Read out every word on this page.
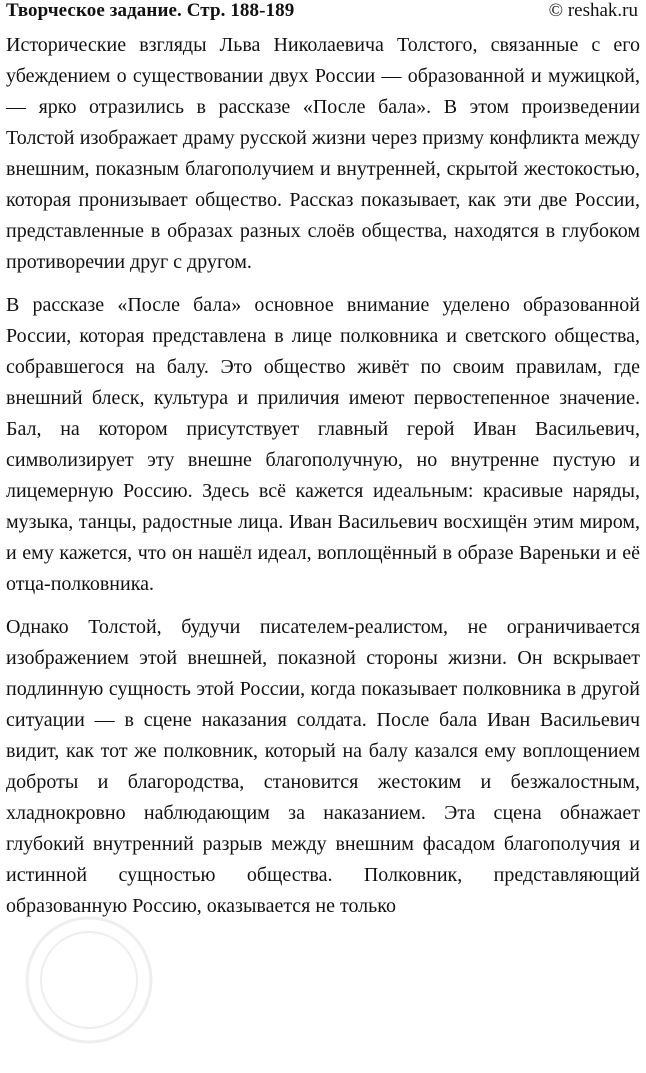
Творческое задание. Стр. 188-189	© reshak.ru

Исторические взгляды Льва Николаевича Толстого, связанные с его убеждением о существовании двух России — образованной и мужицкой, — ярко отразились в рассказе «После бала». В этом произведении Толстой изображает драму русской жизни через призму конфликта между внешним, показным благополучием и внутренней, скрытой жестокостью, которая пронизывает общество. Рассказ показывает, как эти две России, представленные в образах разных слоёв общества, находятся в глубоком противоречии друг с другом.

В рассказе «После бала» основное внимание уделено образованной России, которая представлена в лице полковника и светского общества, собравшегося на балу. Это общество живёт по своим правилам, где внешний блеск, культура и приличия имеют первостепенное значение. Бал, на котором присутствует главный герой Иван Васильевич, символизирует эту внешне благополучную, но внутренне пустую и лицемерную Россию. Здесь всё кажется идеальным: красивые наряды, музыка, танцы, радостные лица. Иван Васильевич восхищён этим миром, и ему кажется, что он нашёл идеал, воплощённый в образе Вареньки и её отца-полковника.

Однако Толстой, будучи писателем-реалистом, не ограничивается изображением этой внешней, показной стороны жизни. Он вскрывает подлинную сущность этой России, когда показывает полковника в другой ситуации — в сцене наказания солдата. После бала Иван Васильевич видит, как тот же полковник, который на балу казался ему воплощением доброты и благородства, становится жестоким и безжалостным, хладнокровно наблюдающим за наказанием. Эта сцена обнажает глубокий внутренний разрыв между внешним фасадом благополучия и истинной сущностью общества. Полковник, представляющий образованную Россию, оказывается не только
